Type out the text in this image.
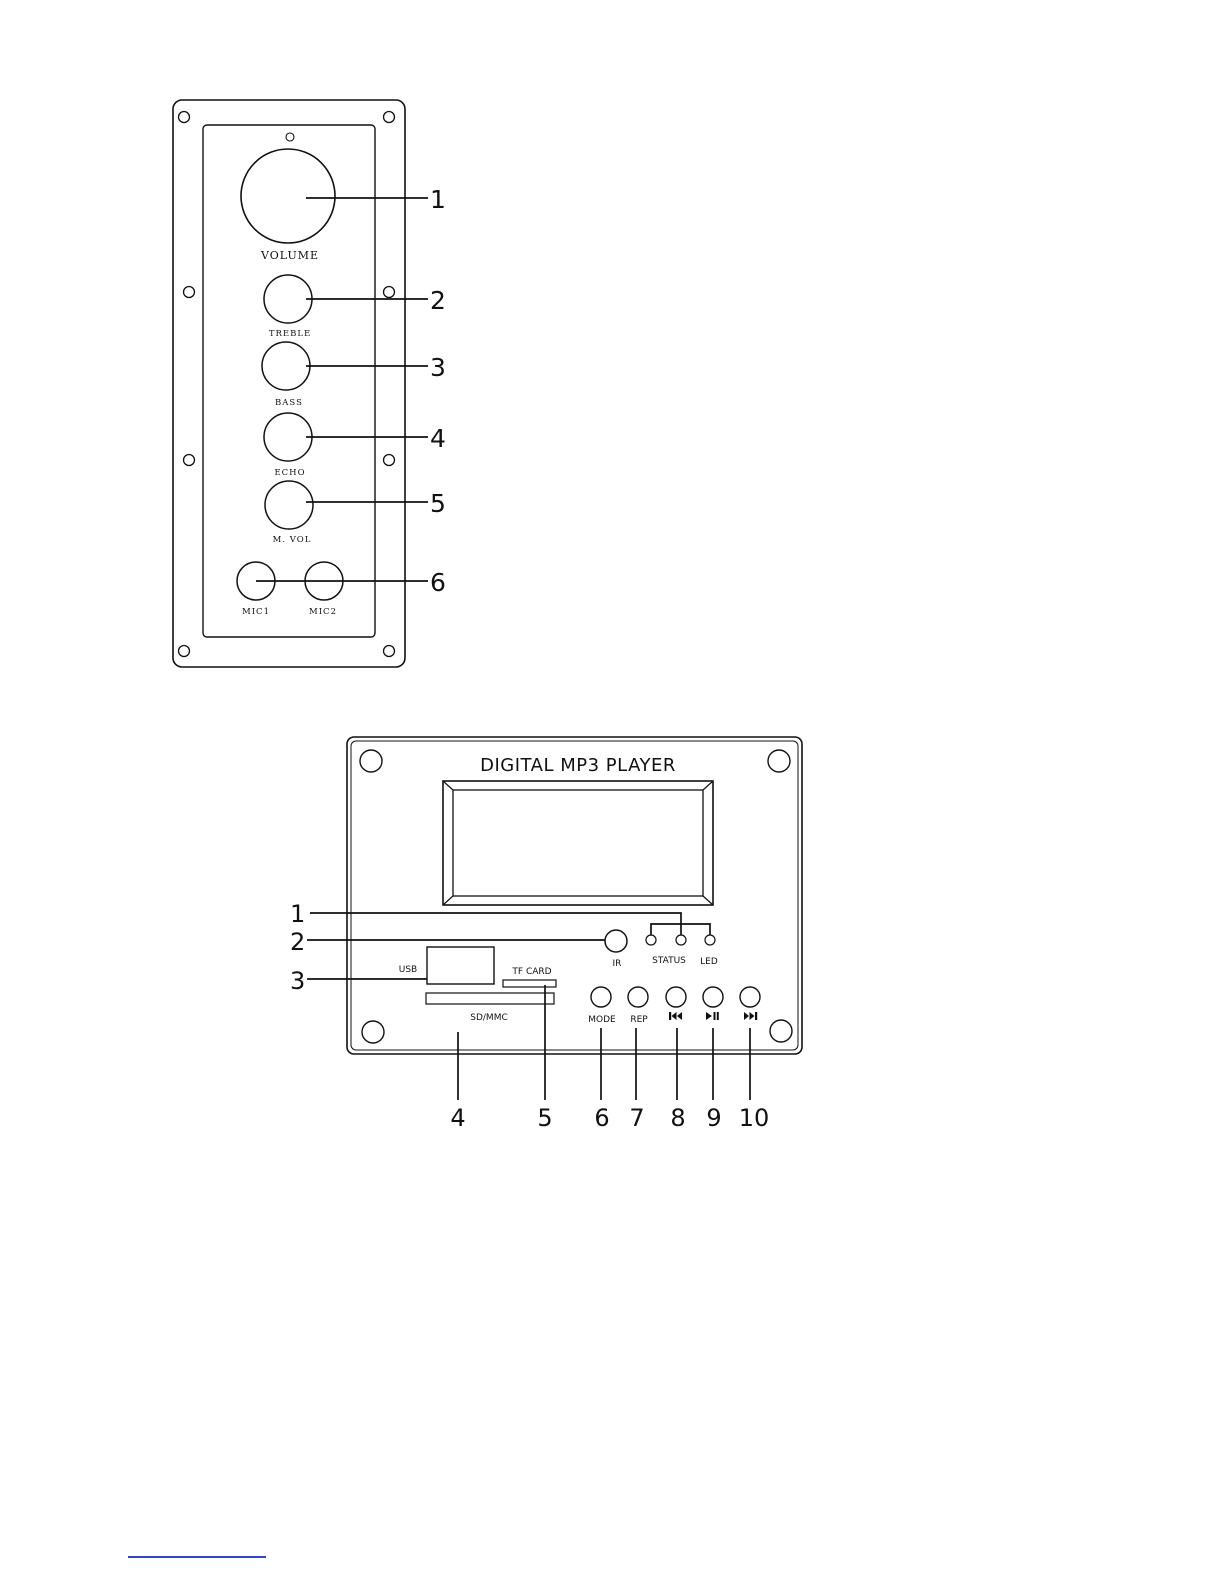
VOLUME
TREBLE
BASS
ECHO
M. VOL
MIC1	MIC2
1
2
3
4
5
6
DIGITAL MP3 PLAYER
IR	STATUS LED
USB	TF CARD
SD/MMC	MODE REP
1
2
3
4	5 6 7 8 9 10
